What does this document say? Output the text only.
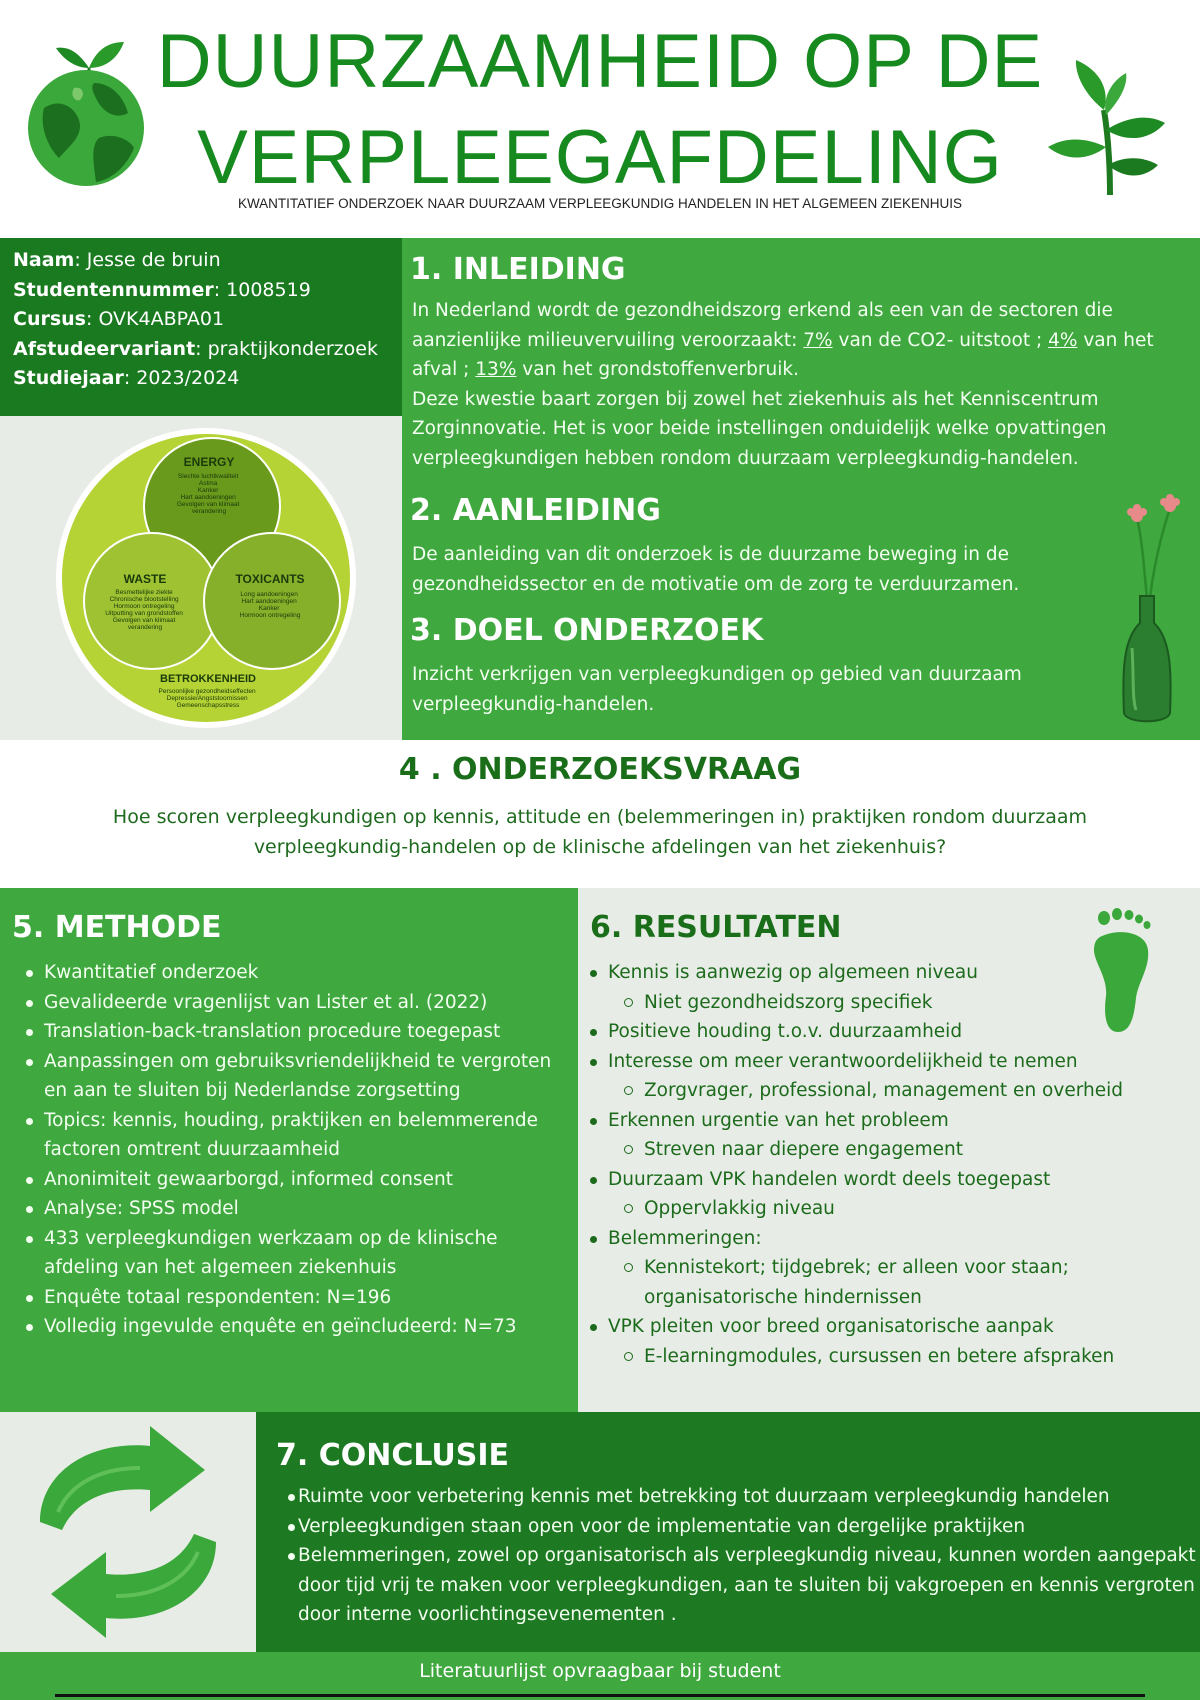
DUURZAAMHEID OP DE
VERPLEEGAFDELING
KWANTITATIEF ONDERZOEK NAAR DUURZAAM VERPLEEGKUNDIG HANDELEN IN HET ALGEMEEN ZIEKENHUIS
Naam: Jesse de bruin
Studentennummer: 1008519
Cursus: OVK4ABPA01
Afstudeervariant: praktijkonderzoek
Studiejaar: 2023/2024
ENERGY
Slechte luchtkwaliteit Astma Kanker Hart aandoeningen Gevolgen van klimaat verandering
WASTE
Besmettelijke ziekte Chronische blootstelling Hormoon ontregeling Uitputting van grondstoffen Gevolgen van klimaat verandering
TOXICANTS
Long aandoeningen Hart aandoeningen Kanker Hormoon ontregeling
BETROKKENHEID
Persoonlijke gezondheidseffecten Depressie/Angststoornissen Gemeenschapsstress
1. INLEIDING
In Nederland wordt de gezondheidszorg erkend als een van de sectoren die aanzienlijke milieuvervuiling veroorzaakt: 7% van de CO2- uitstoot ; 4% van het afval ; 13% van het grondstoffenverbruik.
Deze kwestie baart zorgen bij zowel het ziekenhuis als het Kenniscentrum Zorginnovatie. Het is voor beide instellingen onduidelijk welke opvattingen verpleegkundigen hebben rondom duurzaam verpleegkundig-handelen.
2. AANLEIDING
De aanleiding van dit onderzoek is de duurzame beweging in de gezondheidssector en de motivatie om de zorg te verduurzamen.
3. DOEL ONDERZOEK
Inzicht verkrijgen van verpleegkundigen op gebied van duurzaam verpleegkundig-handelen.
4 . ONDERZOEKSVRAAG
Hoe scoren verpleegkundigen op kennis, attitude en (belemmeringen in) praktijken rondom duurzaam
verpleegkundig-handelen op de klinische afdelingen van het ziekenhuis?
5. METHODE
Kwantitatief onderzoek
Gevalideerde vragenlijst van Lister et al. (2022)
Translation-back-translation procedure toegepast
Aanpassingen om gebruiksvriendelijkheid te vergroten en aan te sluiten bij Nederlandse zorgsetting
Topics: kennis, houding, praktijken en belemmerende factoren omtrent duurzaamheid
Anonimiteit gewaarborgd, informed consent
Analyse: SPSS model
433 verpleegkundigen werkzaam op de klinische afdeling van het algemeen ziekenhuis
Enquête totaal respondenten: N=196
Volledig ingevulde enquête en geïncludeerd: N=73
6. RESULTATEN
Kennis is aanwezig op algemeen niveau
Niet gezondheidszorg specifiek
Positieve houding t.o.v. duurzaamheid
Interesse om meer verantwoordelijkheid te nemen
Zorgvrager, professional, management en overheid
Erkennen urgentie van het probleem
Streven naar diepere engagement
Duurzaam VPK handelen wordt deels toegepast
Oppervlakkig niveau
Belemmeringen:
Kennistekort; tijdgebrek; er alleen voor staan; organisatorische hindernissen
VPK pleiten voor breed organisatorische aanpak
E-learningmodules, cursussen en betere afspraken
7. CONCLUSIE
Ruimte voor verbetering kennis met betrekking tot duurzaam verpleegkundig handelen
Verpleegkundigen staan open voor de implementatie van dergelijke praktijken
Belemmeringen, zowel op organisatorisch als verpleegkundig niveau, kunnen worden aangepakt door tijd vrij te maken voor verpleegkundigen, aan te sluiten bij vakgroepen en kennis vergroten door interne voorlichtingsevenementen .
Literatuurlijst opvraagbaar bij student
